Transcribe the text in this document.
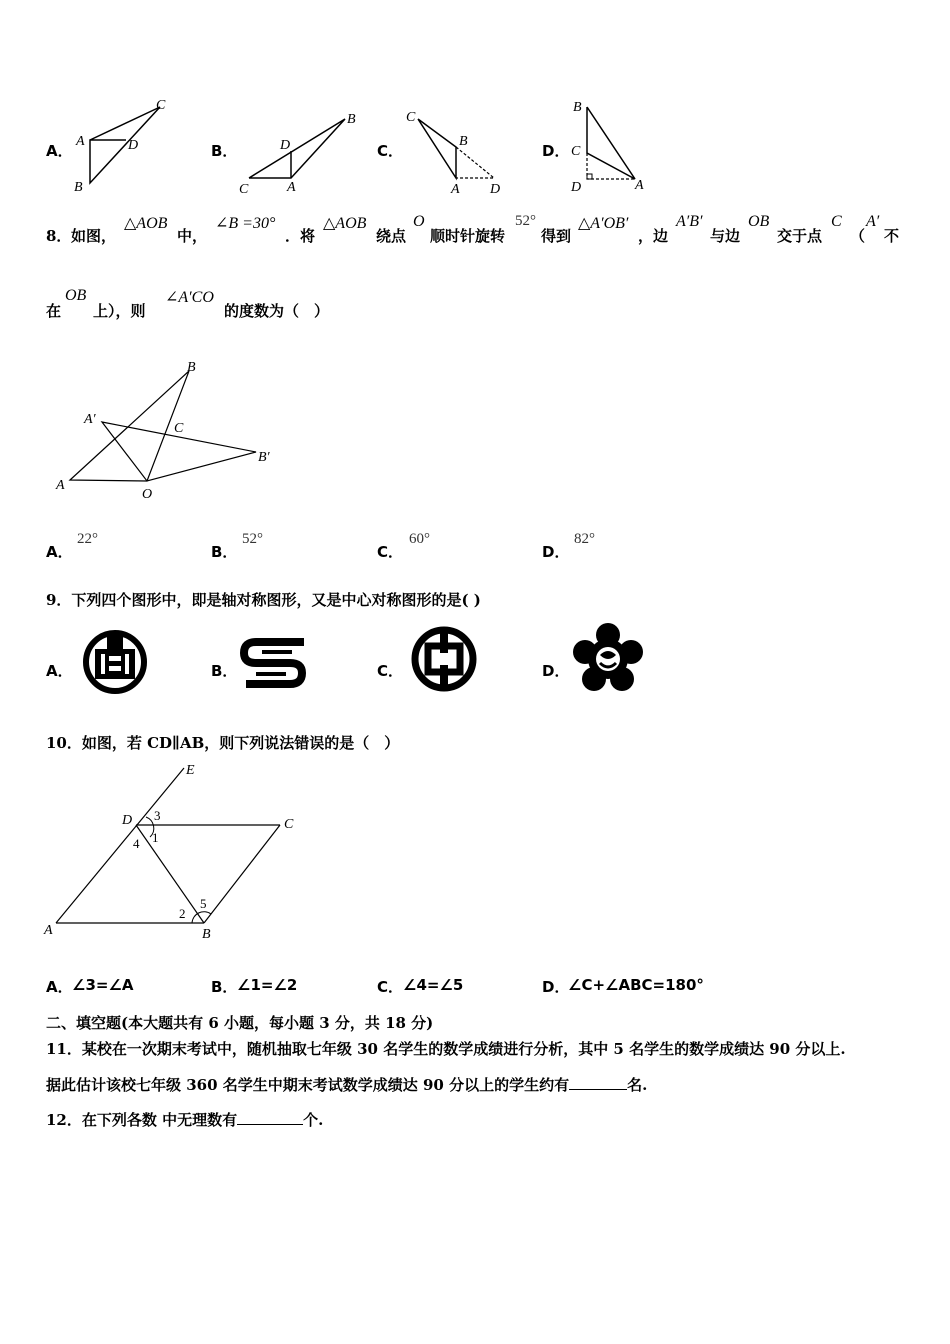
A．
C
A	D
B
B．	D
B
C	A
C．
C
B
A D
D．
B
C
D	A
8． 如图，
△AOB
中，
∠B =30°
．将
△AOB
绕点
O
顺时针旋转
52°
得到
△A′OB′
，边
A′B′
与边
OB
交于点
C
（
A′
不
在
OB
上），则
∠A′CO
的度数为（　）
B
A′
C
B′
A
O
A．
22°
B．
52°
C．
60°
D．
82°
9．下列四个图形中，即是轴对称图形，又是中心对称图形的是( )
A．	B．	C．	D．
10．如图，若 CD∥AB，则下列说法错误的是（　）
E
D	C
A	B
3
1
4
2
5
A． ∠3=∠A	B． ∠1=∠2	C． ∠4=∠5	D．
∠C+∠ABC=180°
二、填空题(本大题共有 6 小题，每小题 3 分，共 18 分)
11．某校在一次期末考试中，随机抽取七年级 30 名学生的数学成绩进行分析，其中 5 名学生的数学成绩达 90 分以上.
据此估计该校七年级 360 名学生中期末考试数学成绩达 90 分以上的学生约有	名.
12．在下列各数 中无理数有	个.
